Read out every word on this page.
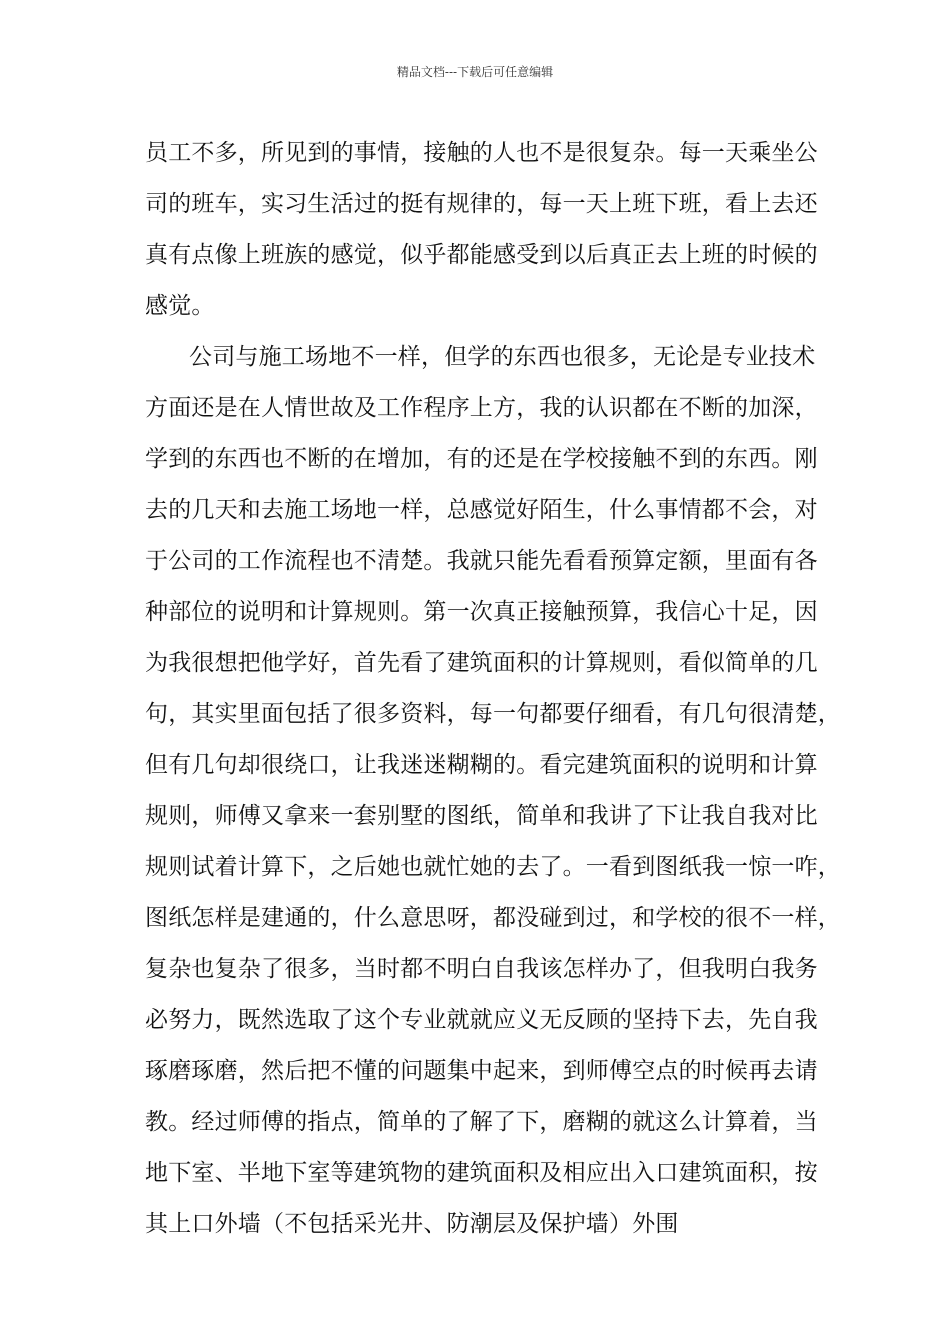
精品文档---下载后可任意编辑
员工不多，所见到的事情，接触的人也不是很复杂。每一天乘坐公
司的班车，实习生活过的挺有规律的，每一天上班下班，看上去还
真有点像上班族的感觉，似乎都能感受到以后真正去上班的时候的
感觉。
公司与施工场地不一样，但学的东西也很多，无论是专业技术
方面还是在人情世故及工作程序上方，我的认识都在不断的加深，
学到的东西也不断的在增加，有的还是在学校接触不到的东西。刚
去的几天和去施工场地一样，总感觉好陌生，什么事情都不会，对
于公司的工作流程也不清楚。我就只能先看看预算定额，里面有各
种部位的说明和计算规则。第一次真正接触预算，我信心十足，因
为我很想把他学好，首先看了建筑面积的计算规则，看似简单的几
句，其实里面包括了很多资料，每一句都要仔细看，有几句很清楚，
但有几句却很绕口，让我迷迷糊糊的。看完建筑面积的说明和计算
规则，师傅又拿来一套别墅的图纸，简单和我讲了下让我自我对比
规则试着计算下，之后她也就忙她的去了。一看到图纸我一惊一咋，
图纸怎样是建通的，什么意思呀，都没碰到过，和学校的很不一样，
复杂也复杂了很多，当时都不明白自我该怎样办了，但我明白我务
必努力，既然选取了这个专业就就应义无反顾的坚持下去，先自我
琢磨琢磨，然后把不懂的问题集中起来，到师傅空点的时候再去请
教。经过师傅的指点，简单的了解了下，磨糊的就这么计算着，当
地下室、半地下室等建筑物的建筑面积及相应出入口建筑面积，按
其上口外墙（不包括采光井、防潮层及保护墙）外围
